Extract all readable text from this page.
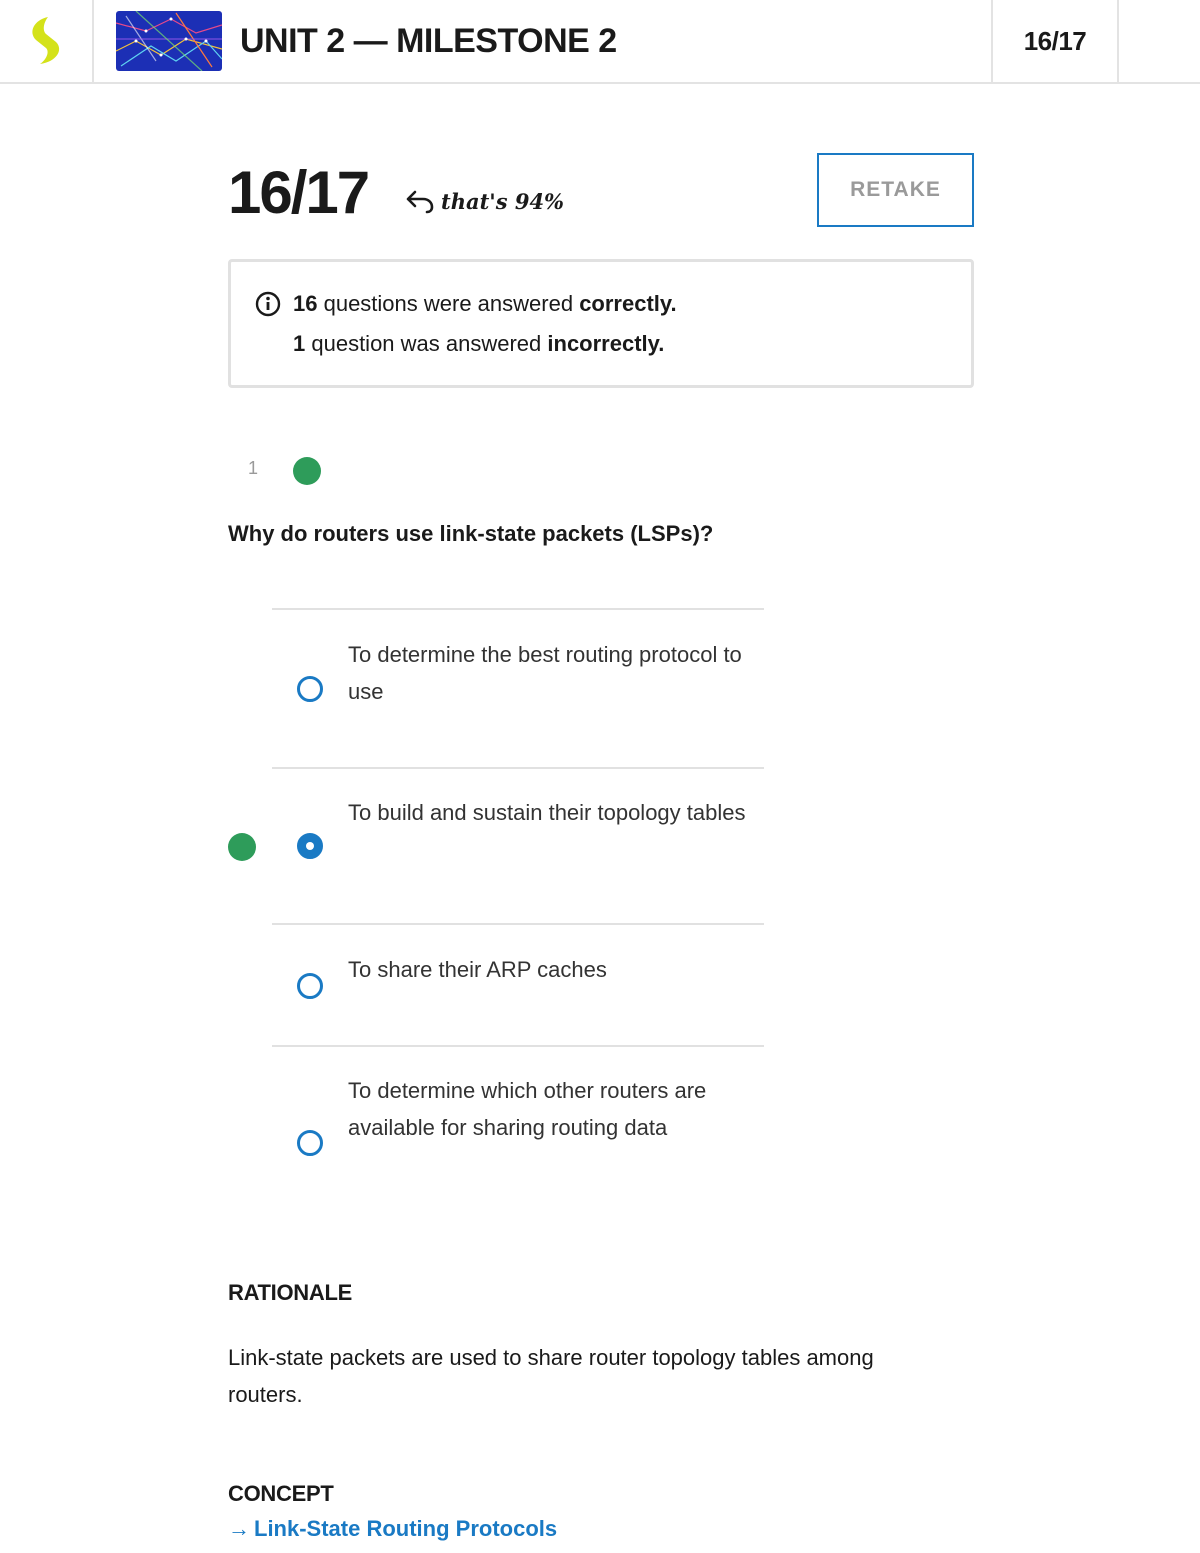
UNIT 2 — MILESTONE 2	16/17
16/17	that's 94%	RETAKE
16 questions were answered correctly.
1 question was answered incorrectly.
1
Why do routers use link-state packets (LSPs)?
To determine the best routing protocol to use
To build and sustain their topology tables
To share their ARP caches
To determine which other routers are available for sharing routing data
RATIONALE
Link-state packets are used to share router topology tables among routers.
CONCEPT
→ Link-State Routing Protocols
